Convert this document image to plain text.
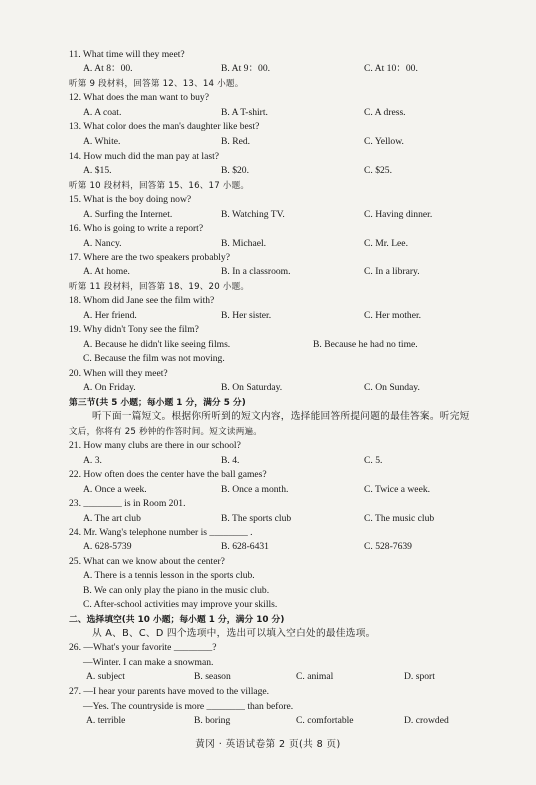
黄冈 · 英语试卷第 2 页(共 8 页)
11. What time will they meet?
A. At 8：00.	B. At 9：00.	C. At 10：00.
听第 9 段材料，回答第 12、13、14 小题。
12. What does the man want to buy?
A. A coat.	B. A T-shirt.	C. A dress.
13. What color does the man's daughter like best?
A. White.	B. Red.	C. Yellow.
14. How much did the man pay at last?
A. $15.	B. $20.	C. $25.
听第 10 段材料，回答第 15、16、17 小题。
15. What is the boy doing now?
A. Surfing the Internet.	B. Watching TV.	C. Having dinner.
16. Who is going to write a report?
A. Nancy.	B. Michael.	C. Mr. Lee.
17. Where are the two speakers probably?
A. At home.	B. In a classroom.	C. In a library.
听第 11 段材料，回答第 18、19、20 小题。
18. Whom did Jane see the film with?
A. Her friend.	B. Her sister.	C. Her mother.
19. Why didn't Tony see the film?
A. Because he didn't like seeing films.	B. Because he had no time.
C. Because the film was not moving.
20. When will they meet?
A. On Friday.	B. On Saturday.	C. On Sunday.
第三节(共 5 小题；每小题 1 分，满分 5 分)
听下面一篇短文。根据你所听到的短文内容，选择能回答所提问题的最佳答案。听完短
文后，你将有 25 秒钟的作答时间。短文读两遍。
21. How many clubs are there in our school?
A. 3.	B. 4.	C. 5.
22. How often does the center have the ball games?
A. Once a week.	B. Once a month.	C. Twice a week.
23. ________ is in Room 201.
A. The art club	B. The sports club	C. The music club
24. Mr. Wang's telephone number is ________ .
A. 628-5739	B. 628-6431	C. 528-7639
25. What can we know about the center?
A. There is a tennis lesson in the sports club.
B. We can only play the piano in the music club.
C. After-school activities may improve your skills.
二、选择填空(共 10 小题；每小题 1 分，满分 10 分)
从 A、B、C、D 四个选项中，选出可以填入空白处的最佳选项。
26. —What's your favorite ________?
—Winter. I can make a snowman.
A. subject	B. season	C. animal	D. sport
27. —I hear your parents have moved to the village.
—Yes. The countryside is more ________ than before.
A. terrible	B. boring	C. comfortable	D. crowded
